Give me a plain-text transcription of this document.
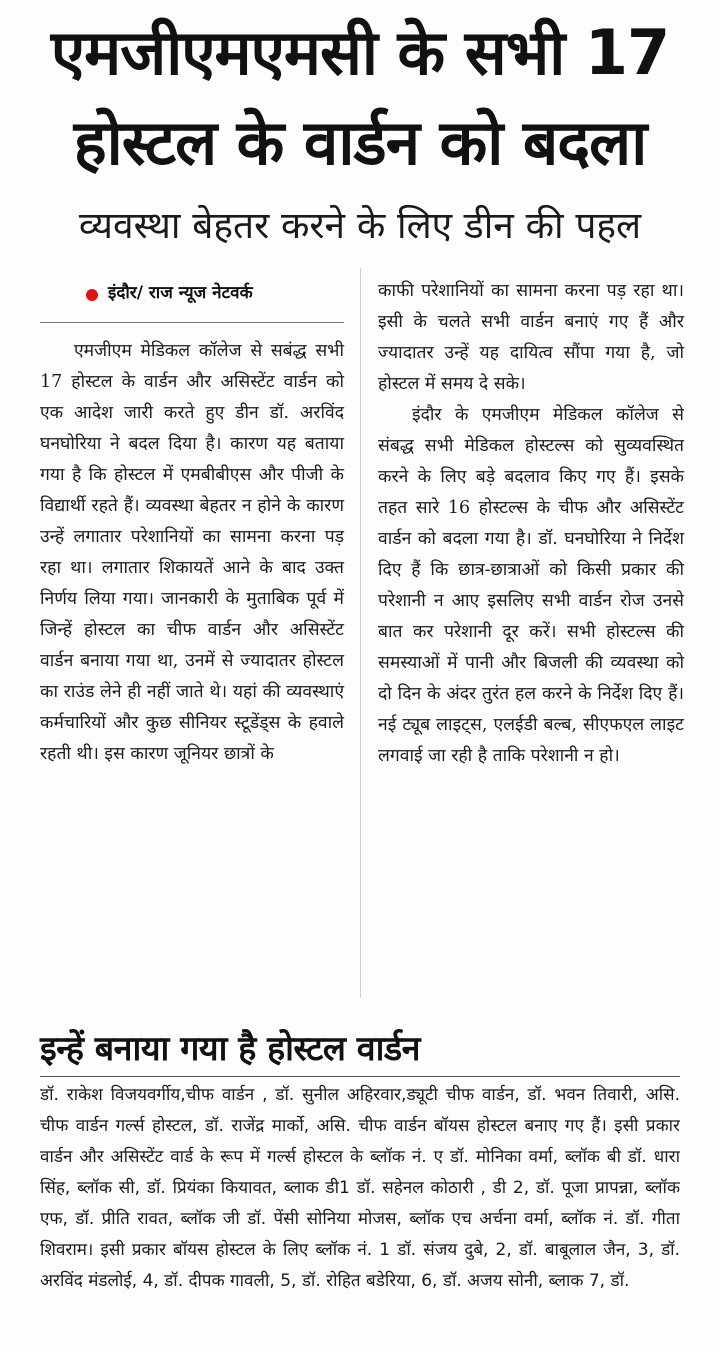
एमजीएमएमसी के सभी 17
होस्टल के वार्डन को बदला
व्यवस्था बेहतर करने के लिए डीन की पहल
इंदौर/ राज न्यूज नेटवर्क

एमजीएम मेडिकल कॉलेज से सबंद्ध सभी 17 होस्टल के वार्डन और असिस्टेंट वार्डन को एक आदेश जारी करते हुए डीन डॉ. अरविंद घनघोरिया ने बदल दिया है। कारण यह बताया गया है कि होस्टल में एमबीबीएस और पीजी के विद्यार्थी रहते हैं। व्यवस्था बेहतर न होने के कारण उन्हें लगातार परेशानियों का सामना करना पड़ रहा था। लगातार शिकायतें आने के बाद उक्त निर्णय लिया गया। जानकारी के मुताबिक पूर्व में जिन्हें होस्टल का चीफ वार्डन और असिस्टेंट वार्डन बनाया गया था, उनमें से ज्यादातर होस्टल का राउंड लेने ही नहीं जाते थे। यहां की व्यवस्थाएं कर्मचारियों और कुछ सीनियर स्टूडेंड्स के हवाले रहती थी। इस कारण जूनियर छात्रों के

काफी परेशानियों का सामना करना पड़ रहा था। इसी के चलते सभी वार्डन बनाएं गए हैं और ज्यादातर उन्हें यह दायित्व सौंपा गया है, जो होस्टल में समय दे सके।

इंदौर के एमजीएम मेडिकल कॉलेज से संबद्ध सभी मेडिकल होस्टल्स को सुव्यवस्थित करने के लिए बड़े बदलाव किए गए हैं। इसके तहत सारे 16 होस्टल्स के चीफ और असिस्टेंट वार्डन को बदला गया है। डॉ. घनघोरिया ने निर्देश दिए हैं कि छात्र-छात्राओं को किसी प्रकार की परेशानी न आए इसलिए सभी वार्डन रोज उनसे बात कर परेशानी दूर करें। सभी होस्टल्स की समस्याओं में पानी और बिजली की व्यवस्था को दो दिन के अंदर तुरंत हल करने के निर्देश दिए हैं। नई ट्यूब लाइट्स, एलईडी बल्ब, सीएफएल लाइट लगवाई जा रही है ताकि परेशानी न हो।

इन्हें बनाया गया है होस्टल वार्डन

डॉ. राकेश विजयवर्गीय,चीफ वार्डन , डॉ. सुनील अहिरवार,ड्यूटी चीफ वार्डन, डॉ. भवन तिवारी, असि. चीफ वार्डन गर्ल्स होस्टल, डॉ. राजेंद्र मार्को, असि. चीफ वार्डन बॉयस होस्टल बनाए गए हैं। इसी प्रकार वार्डन और असिस्टेंट वार्ड के रूप में गर्ल्स होस्टल के ब्लॉक नं. ए डॉ. मोनिका वर्मा, ब्लॉक बी डॉ. धारा सिंह, ब्लॉक सी, डॉ. प्रियंका कियावत, ब्लाक डी1 डॉ. सहेनल कोठारी , डी 2, डॉ. पूजा प्रापन्ना, ब्लॉक एफ, डॉ. प्रीति रावत, ब्लॉक जी डॉ. पेंसी सोनिया मोजस, ब्लॉक एच अर्चना वर्मा, ब्लॉक नं. डॉ. गीता शिवराम। इसी प्रकार बॉयस होस्टल के लिए ब्लॉक नं. 1 डॉ. संजय दुबे, 2, डॉ. बाबूलाल जैन, 3, डॉ. अरविंद मंडलोई, 4, डॉ. दीपक गावली, 5, डॉ. रोहित बडेरिया, 6, डॉ. अजय सोनी, ब्लाक 7, डॉ.
